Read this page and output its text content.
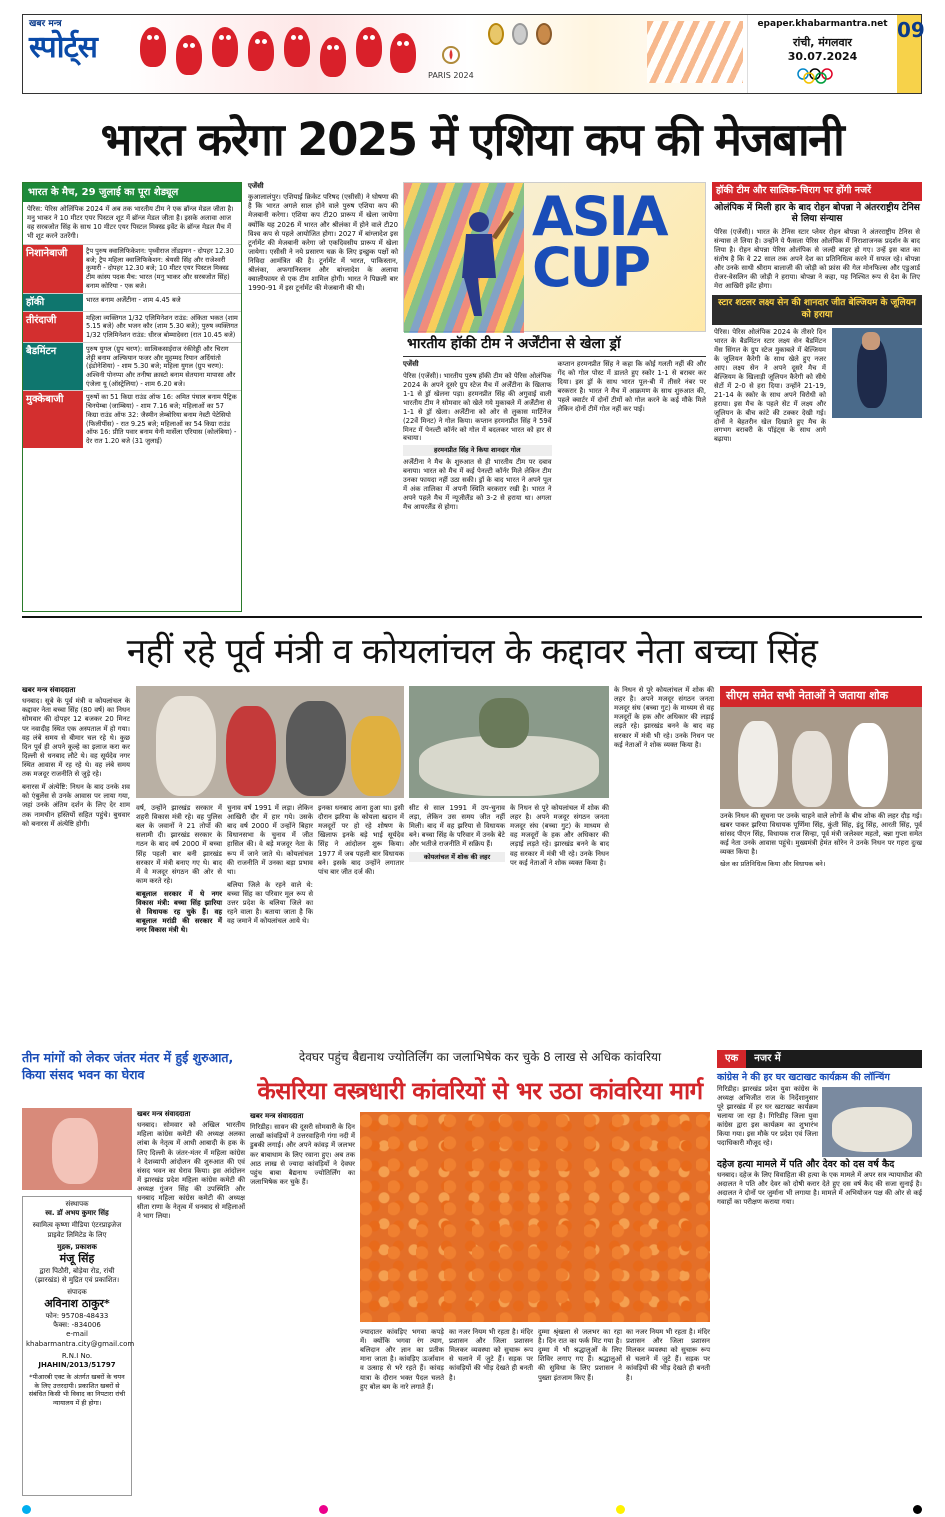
खबर मन्त्र
स्पोर्ट्स
PARIS 2024
epaper.khabarmantra.net
रांची, मंगलवार
30.07.2024
09
भारत करेगा 2025 में एशिया कप की मेजबानी
भारत के मैच, 29 जुलाई का पूरा शेड्यूल
पेरिस: पेरिस ओलिंपिक 2024 में अब तक भारतीय टीम ने एक ब्रॉन्ज मेडल जीता है। मनु भाकर ने 10 मीटर एयर पिस्टल शूट में ब्रॉन्ज मेडल जीता है। इसके अलावा आज वह सरबजोत सिंह के साथ 10 मीटर एयर पिस्टल मिक्स्ड इवेंट के ब्रॉन्ज मेडल मैच में भी शूट करने उतरेंगी।
निशानेबाजी	ट्रैप पुरुष क्वालिफिकेशन: पृथ्वीराज तोंडइमन - दोपहर 12.30 बजे; ट्रैप महिला क्वालिफिकेशन: श्रेयसी सिंह और राजेश्वरी कुमारी - दोपहर 12.30 बजे; 10 मीटर एयर पिस्टल मिक्स्ड टीम कांस्य पदक मैच: भारत (मनु भाकर और सरबजोत सिंह) बनाम कोरिया - एक बजे।
हॉकी	भारत बनाम अर्जेंटीना - शाम 4.45 बजे
तीरंदाजी	महिला व्यक्तिगत 1/32 एलिमिनेशन राउंड: अंकिता भकत (शाम 5.15 बजे) और भजन कौर (शाम 5.30 बजे); पुरुष व्यक्तिगत 1/32 एलिमिनेशन राउंड: धीरज बोम्मादेवरा (रात 10.45 बजे)
बैडमिंटन	पुरुष युगल (ग्रुप चरण): सात्विकसाईराज रंकीरेड्डी और चिराग शेट्टी बनाम अल्फियान फजर और मुहम्मद रियान अर्दियांतो (इंडोनेशिया) - शाम 5.30 बजे; महिला युगल (ग्रुप चरण): अश्विनी पोनप्पा और तनीषा क्रास्टो बनाम सेतयाना मापासा और एंजेला यू (ऑस्ट्रेलिया) - शाम 6.20 बजे।
मुक्केबाजी	पुरुषों का 51 किग्रा राउंड ऑफ 16: अमित पंघाल बनाम पैट्रिक चिनयेम्बा (जाम्बिया) - शाम 7.16 बजे; महिलाओं का 57 किग्रा राउंड ऑफ 32: जैस्मीन लेम्बोरिया बनाम नेस्टी पेटेसियो (फिलीपींस) - रात 9.25 बजे; महिलाओं का 54 किग्रा राउंड ऑफ 16: प्रीति पवार बनाम येनी मार्सेला एरियास (कोलंबिया) - देर रात 1.20 बजे (31 जुलाई)
एजेंसी
कुआलालंपुर। एशियाई क्रिकेट परिषद (एसीसी) ने घोषणा की है कि भारत अगले साल होने वाले पुरुष एशिया कप की मेजबानी करेगा। एशिया कप टी20 प्रारूप में खेला जायेगा क्योंकि यह 2026 में भारत और श्रीलंका में होने वाले टी20 विश्व कप से पहले आयोजित होगा। 2027 में बांग्लादेश इस टूर्नामेंट की मेजबानी करेगा जो एकदिवसीय प्रारूप में खेला जायेगा। एसीसी ने नये प्रसारण चक्र के लिए इच्छुक पक्षों को निविदा आमंत्रित की है। टूर्नामेंट में भारत, पाकिस्तान, श्रीलंका, अफगानिस्तान और बांग्लादेश के अलावा क्वालीफायर से एक टीम शामिल होगी। भारत ने पिछली बार 1990-91 में इस टूर्नामेंट की मेजबानी की थी।
ASIA
CUP
भारतीय हॉकी टीम ने अर्जेंटीना से खेला ड्रॉ
एजेंसी
पेरिस (एजेंसी)। भारतीय पुरुष हॉकी टीम को पेरिस ओलंपिक 2024 के अपने दूसरे ग्रुप स्टेज मैच में अर्जेंटीना के खिलाफ 1-1 से ड्रॉ खेलना पड़ा। हरमनप्रीत सिंह की अगुवाई वाली भारतीय टीम ने सोमवार को खेले गये मुकाबले में अर्जेंटीना से 1-1 से ड्रॉ खेला। अर्जेंटीना को ओर से लुकास मार्टिनेज (22वें मिनट) ने गोल किया। कप्तान हरमनप्रीत सिंह ने 59वें मिनट में पेनल्टी कॉर्नर को गोल में बदलकर भारत को हार से बचाया।
हरमनप्रीत सिंह ने किया शानदार गोल
अर्जेंटीना ने मैच के शुरुआत से ही भारतीय टीम पर दबाव बनाया। भारत को मैच में कई पेनल्टी कॉर्नर मिले लेकिन टीम उनका फायदा नहीं उठा सकी। ड्रॉ के बाद भारत ने अपने पूल में अंक तालिका में अपनी स्थिति बरकरार रखी है। भारत ने अपने पहले मैच में न्यूजीलैंड को 3-2 से हराया था। अगला मैच आयरलैंड से होगा।
कप्तान हरमनप्रीत सिंह ने कहा कि कोई गलती नहीं की और गेंद को गोल पोस्ट में डालते हुए स्कोर 1-1 से बराबर कर दिया। इस ड्रॉ के साथ भारत पूल-बी में तीसरे नंबर पर बरकरार है। भारत ने मैच में आक्रमण के साथ शुरुआत की, पहले क्वार्टर में दोनों टीमों को गोल करने के कई मौके मिले लेकिन दोनों टीमें गोल नहीं कर पाई।
हॉकी टीम और सात्विक-चिराग पर होंगी नजरें
ओलंपिक में मिली हार के बाद रोहन बोपन्ना ने अंतरराष्ट्रीय टेनिस से लिया संन्यास
पेरिस (एजेंसी)। भारत के टेनिस स्टार प्लेयर रोहन बोपन्ना ने अंतरराष्ट्रीय टेनिस से संन्यास ले लिया है। उन्होंने ये फैसला पेरिस ओलंपिक में निराशाजनक प्रदर्शन के बाद लिया है। रोहन बोपन्ना पेरिस ओलंपिक से जल्दी बाहर हो गए। उन्हें इस बात का संतोष है कि वे 22 साल तक अपने देश का प्रतिनिधित्व करने में सफल रहे। बोपन्ना और उनके साथी श्रीराम बालाजी की जोड़ी को फ्रांस की गेल मोनफिल्स और एडुआर्ड रोजर-वेसलिन की जोड़ी ने हराया। बोपन्ना ने कहा, यह निश्चित रूप से देश के लिए मेरा आखिरी इवेंट होगा।
स्टार शटलर लक्ष्य सेन की शानदार जीत बेल्जियम के जूलियन को हराया
पेरिस। पेरिस ओलंपिक 2024 के तीसरे दिन भारत के बैडमिंटन स्टार लक्ष्य सेन बैडमिंटन मेंस सिंगल के ग्रुप स्टेज मुकाबले में बेल्जियम के जूलियन कैरेगी के साथ खेले हुए नजर आए। लक्ष्य सेन ने अपने दूसरे मैच में बेल्जियम के खिलाड़ी जूलियन कैरेगी को सीधे सेटों में 2-0 से हरा दिया। उन्होंने 21-19, 21-14 के स्कोर के साथ अपने विरोधी को हराया। इस मैच के पहले सेट में लक्ष्य और जूलियन के बीच कांटे की टक्कर देखी गई। दोनों ने बेहतरीन खेल दिखाते हुए मैच के लगभग बराबरी के पॉइंट्स के साथ आगे बढ़ाया।
नहीं रहे पूर्व मंत्री व कोयलांचल के कद्दावर नेता बच्चा सिंह
खबर मन्त्र संवाददाता
धनबाद। सूबे के पूर्व मंत्री व कोयलांचल के कद्दावर नेता बच्चा सिंह (80 वर्ष) का निधन सोमवार की दोपहर 12 बजकर 20 मिनट पर नवादीह स्थित एक अस्पताल में हो गया। वह लंबे समय से बीमार चल रहे थे। कुछ दिन पूर्व ही अपने कूल्हे का इलाज करा कर दिल्ली से धनबाद लौटे थे। वह सूर्यदेव नगर स्थित आवास में रह रहे थे। वह लंबे समय तक मजदूर राजनीति से जुड़े रहे।
बनारस में अंत्येष्टि: निधन के बाद उनके शव को एंबुलेंस से उनके आवास पर लाया गया, जहां उनके अंतिम दर्शन के लिए देर शाम तक नामचीन हस्तियों सहित पहुंचे। बुधवार को बनारस में अंत्येष्टि होगी।
वर्ष, उन्होंने झारखंड सरकार में शहरी विकास मंत्री रहे। वह पुलिस बल के जवानों ने 21 तोपों की सलामी दी। झारखंड सरकार के गठन के बाद वर्ष 2000 में बच्चा सिंह पहली बार बनी झारखंड सरकार में मंत्री बनाए गए थे। बाद में वे मजदूर संगठन की ओर से काम करते रहे।
बाबूलाल सरकार में थे नगर विकास मंत्री: बच्चा सिंह झारिया से विधायक रह चुके हैं। वह बाबूलाल मरांडी की सरकार में नगर विकास मंत्री थे।
चुनाव वर्ष 1991 में लड़ा। लेकिन आखिरी दौर में हार गये। उसके बाद वर्ष 2000 में उन्होंने बिहार विधानसभा के चुनाव में जीत हासिल की। वे बड़े मजदूर नेता के रूप में जाने जाते थे। कोयलांचल की राजनीति में उनका बड़ा प्रभाव था।
बलिया जिले के रहने वाले थे: बच्चा सिंह का परिवार मूल रूप से उत्तर प्रदेश के बलिया जिले का रहने वाला है। बताया जाता है कि वह जमाने में कोयलांचल आये थे।
इनका धनबाद आना हुआ था। इसी दौरान झरिया के कोयला खदान में मजदूरों पर हो रहे शोषण के खिलाफ इनके बड़े भाई सूर्यदेव सिंह ने आंदोलन शुरू किया। 1977 में जब पहली बार विधायक बने। इसके बाद उन्होंने लगातार पांच बार जीत दर्ज की।
सीट से साल 1991 में उप-चुनाव लड़ा, लेकिन उस समय जीत नहीं मिली। बाद में वह झरिया से विधायक बने। बच्चा सिंह के परिवार में उनके बेटे और भतीजे राजनीति में सक्रिय हैं।
कोयलांचल में शोक की लहर
के निधन से पूरे कोयलांचल में शोक की लहर है। अपने मजदूर संगठन जनता मजदूर संघ (बच्चा गुट) के माध्यम से वह मजदूरों के हक और अधिकार की लड़ाई लड़ते रहे। झारखंड बनने के बाद वह सरकार में मंत्री भी रहे। उनके निधन पर कई नेताओं ने शोक व्यक्त किया है।
के निधन से पूरे कोयलांचल में शोक की लहर है। अपने मजदूर संगठन जनता मजदूर संघ (बच्चा गुट) के माध्यम से वह मजदूरों के हक और अधिकार की लड़ाई लड़ते रहे। झारखंड बनने के बाद वह सरकार में मंत्री भी रहे। उनके निधन पर कई नेताओं ने शोक व्यक्त किया है।
सीएम समेत सभी नेताओं ने जताया शोक
उनके निधन की सूचना पर उनके चाहने वाले लोगों के बीच शोक की लहर दौड़ गई। खबर पाकर झरिया विधायक पूर्णिमा सिंह, कुंती सिंह, इंदु सिंह, आरती सिंह, पूर्व सांसद पीएन सिंह, विधायक राज सिन्हा, पूर्व मंत्री जलेश्वर महतो, बन्ना गुप्ता समेत कई नेता उनके आवास पहुंचे। मुख्यमंत्री हेमंत सोरेन ने उनके निधन पर गहरा दुःख व्यक्त किया है।
खेल का प्रतिनिधित्व किया और विधायक बने।
तीन मांगों को लेकर जंतर मंतर में हुई शुरुआत, किया संसद भवन का घेराव
संस्थापक
स्व. डॉ अभय कुमार सिंह
स्वामित्व कृष्णा मीडिया एंटरप्राइजेज प्राइवेट लिमिटेड के लिए
मुद्रक, प्रकाशक
मंजू सिंह
द्वारा पिठौरी, बोड़ेया रोड, रांची (झारखंड) से मुद्रित एवं प्रकाशित।
संपादक
अविनाश ठाकुर*
फोन: 95708-48433
फैक्स: -834006
e-mail
khabarmantra.city@gmail.com
R.N.I No.
JHAHIN/2013/51797
*पीआरबी एक्ट के अंतर्गत खबरों के चयन के लिए उत्तरदायी। प्रकाशित खबरों से संबंधित किसी भी विवाद का निपटारा रांची न्यायालय में ही होगा।
खबर मन्त्र संवाददाता
धनबाद। सोमवार को अखिल भारतीय महिला कांग्रेस कमेटी की अध्यक्ष अलका लांबा के नेतृत्व में आधी आबादी के हक के लिए दिल्ली के जंतर-मंतर में महिला कांग्रेस ने देशव्यापी आंदोलन की शुरुआत की एवं संसद भवन का घेराव किया। इस आंदोलन में झारखंड प्रदेश महिला कांग्रेस कमेटी की अध्यक्ष गुंजन सिंह की उपस्थिति और धनबाद महिला कांग्रेस कमेटी की अध्यक्ष सीता राणा के नेतृत्व में धनबाद से महिलाओं ने भाग लिया।
देवघर पहुंच बैद्यनाथ ज्योतिर्लिंग का जलाभिषेक कर चुके 8 लाख से अधिक कांवरिया
केसरिया वस्त्रधारी कांवरियों से भर उठा कांवरिया मार्ग
खबर मन्त्र संवाददाता
गिरिडीह। सावन की दूसरी सोमवारी के दिन लाखों कांवड़ियों ने उत्तरवाहिनी गंगा नदी में डुबकी लगाई। और अपने कांवड़ में जलभर कर बाबाधाम के लिए रवाना हुए। अब तक आठ लाख से ज्यादा कांवड़ियों ने देवघर पहुंच बाबा बैद्यनाथ ज्योतिर्लिंग का जलाभिषेक कर चुके हैं।
ज्यादातर कांवड़िए भगवा कपड़े में। क्योंकि भगवा रंग त्याग, बलिदान और ज्ञान का प्रतीक माना जाता है। कांवड़िए ऊर्जावान व उत्साह से भरे रहते हैं। कांवड़ यात्रा के दौरान भक्त पैदल चलते हुए बोल बम के नारे लगाते हैं।
का नजर नियम भी रहता है। मंदिर प्रशासन और जिला प्रशासन मिलकर व्यवस्था को सुचारू रूप से चलाने में जुटे हैं। सड़क पर कांवड़ियों की भीड़ देखते ही बनती है।
दुम्मा श्रृंखला से जलभर का रहा है। दिन रात का फर्क मिट गया है। दुम्मा में भी श्रद्धालुओं के लिए शिविर लगाए गए हैं। श्रद्धालुओं की सुविधा के लिए प्रशासन ने पुख्ता इंतजाम किए हैं।
का नजर नियम भी रहता है। मंदिर प्रशासन और जिला प्रशासन मिलकर व्यवस्था को सुचारू रूप से चलाने में जुटे हैं। सड़क पर कांवड़ियों की भीड़ देखते ही बनती है।
एक	नजर में
कांग्रेस ने की हर घर खटाखट कार्यक्रम की लॉन्चिंग
गिरिडीह। झारखंड प्रदेश युवा कांग्रेस के अध्यक्ष अभिजीत राज के निर्देशानुसार पूरे झारखंड में हर घर खटाखट कार्यक्रम चलाया जा रहा है। गिरिडीह जिला युवा कांग्रेस द्वारा इस कार्यक्रम का शुभारंभ किया गया। इस मौके पर प्रदेश एवं जिला पदाधिकारी मौजूद रहे।
दहेज हत्या मामले में पति और देवर को दस वर्ष कैद
धनबाद। दहेज के लिए विवाहिता की हत्या के एक मामले में अपर सत्र न्यायाधीश की अदालत ने पति और देवर को दोषी करार देते हुए दस वर्ष कैद की सजा सुनाई है। अदालत ने दोनों पर जुर्माना भी लगाया है। मामले में अभियोजन पक्ष की ओर से कई गवाहों का परीक्षण कराया गया।
